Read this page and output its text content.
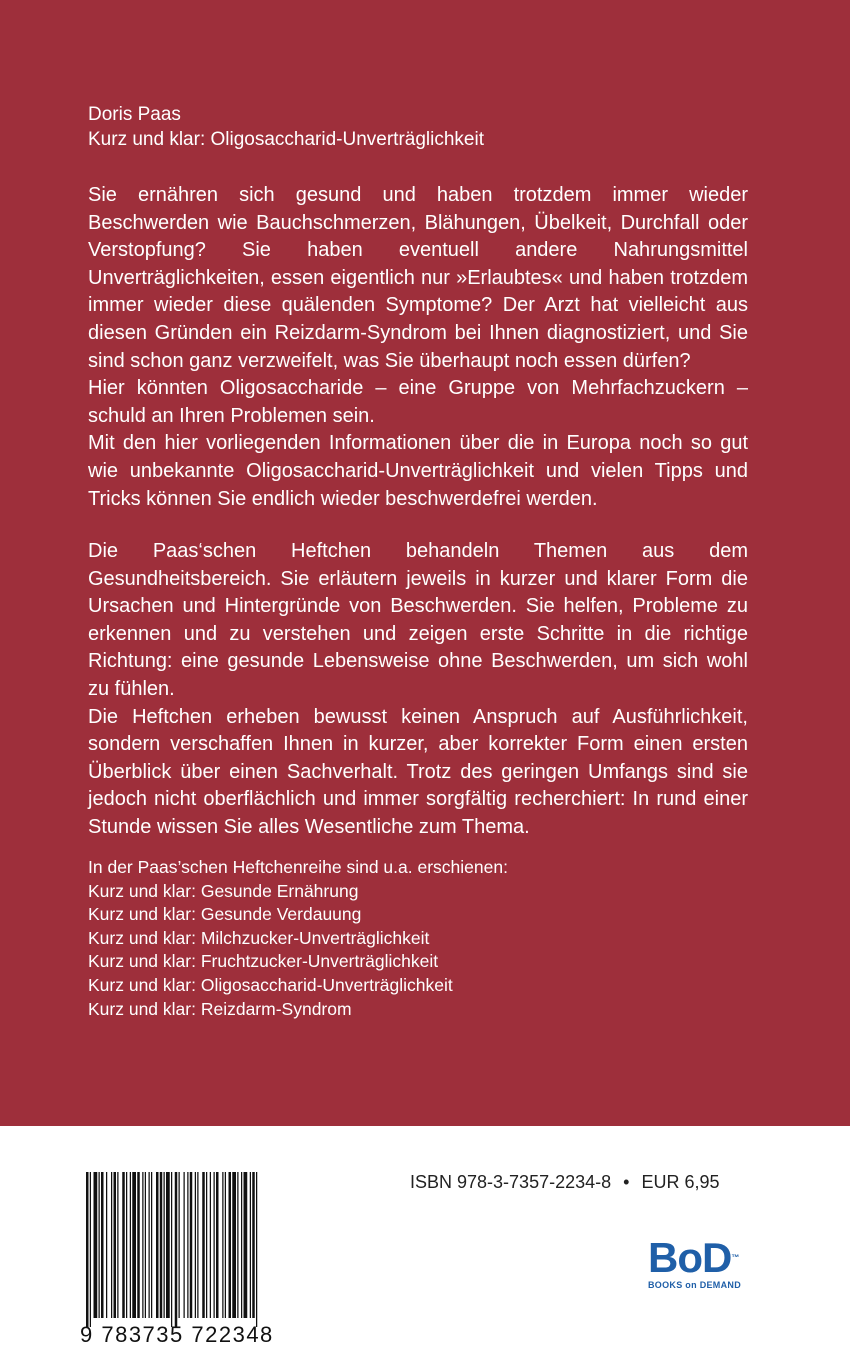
Doris Paas
Kurz und klar: Oligosaccharid-Unverträglichkeit

Sie ernähren sich gesund und haben trotzdem immer wieder Beschwerden wie Bauchschmerzen, Blähungen, Übelkeit, Durchfall oder Verstopfung? Sie haben eventuell andere Nahrungsmittel Unverträglichkeiten, essen eigentlich nur »Erlaubtes« und haben trotzdem immer wieder diese quälenden Symptome? Der Arzt hat vielleicht aus diesen Gründen ein Reizdarm-Syndrom bei Ihnen diagnostiziert, und Sie sind schon ganz verzweifelt, was Sie überhaupt noch essen dürfen?

Hier könnten Oligosaccharide – eine Gruppe von Mehrfachzuckern – schuld an Ihren Problemen sein.

Mit den hier vorliegenden Informationen über die in Europa noch so gut wie unbekannte Oligosaccharid-Unverträglichkeit und vielen Tipps und Tricks können Sie endlich wieder beschwerdefrei werden.

Die Paas‘schen Heftchen behandeln Themen aus dem Gesundheitsbereich. Sie erläutern jeweils in kurzer und klarer Form die Ursachen und Hintergründe von Beschwerden. Sie helfen, Probleme zu erkennen und zu verstehen und zeigen erste Schritte in die richtige Richtung: eine gesunde Lebensweise ohne Beschwerden, um sich wohl zu fühlen.

Die Heftchen erheben bewusst keinen Anspruch auf Ausführlichkeit, sondern verschaffen Ihnen in kurzer, aber korrekter Form einen ersten Überblick über einen Sachverhalt. Trotz des geringen Umfangs sind sie jedoch nicht oberflächlich und immer sorgfältig recherchiert: In rund einer Stunde wissen Sie alles Wesentliche zum Thema.

In der Paas’schen Heftchenreihe sind u.a. erschienen:
Kurz und klar: Gesunde Ernährung
Kurz und klar: Gesunde Verdauung
Kurz und klar: Milchzucker-Unverträglichkeit
Kurz und klar: Fruchtzucker-Unverträglichkeit
Kurz und klar: Oligosaccharid-Unverträglichkeit
Kurz und klar: Reizdarm-Syndrom
9 783735 722348
ISBN 978-3-7357-2234-8 • EUR 6,95
BoD™
BOOKS on DEMAND
